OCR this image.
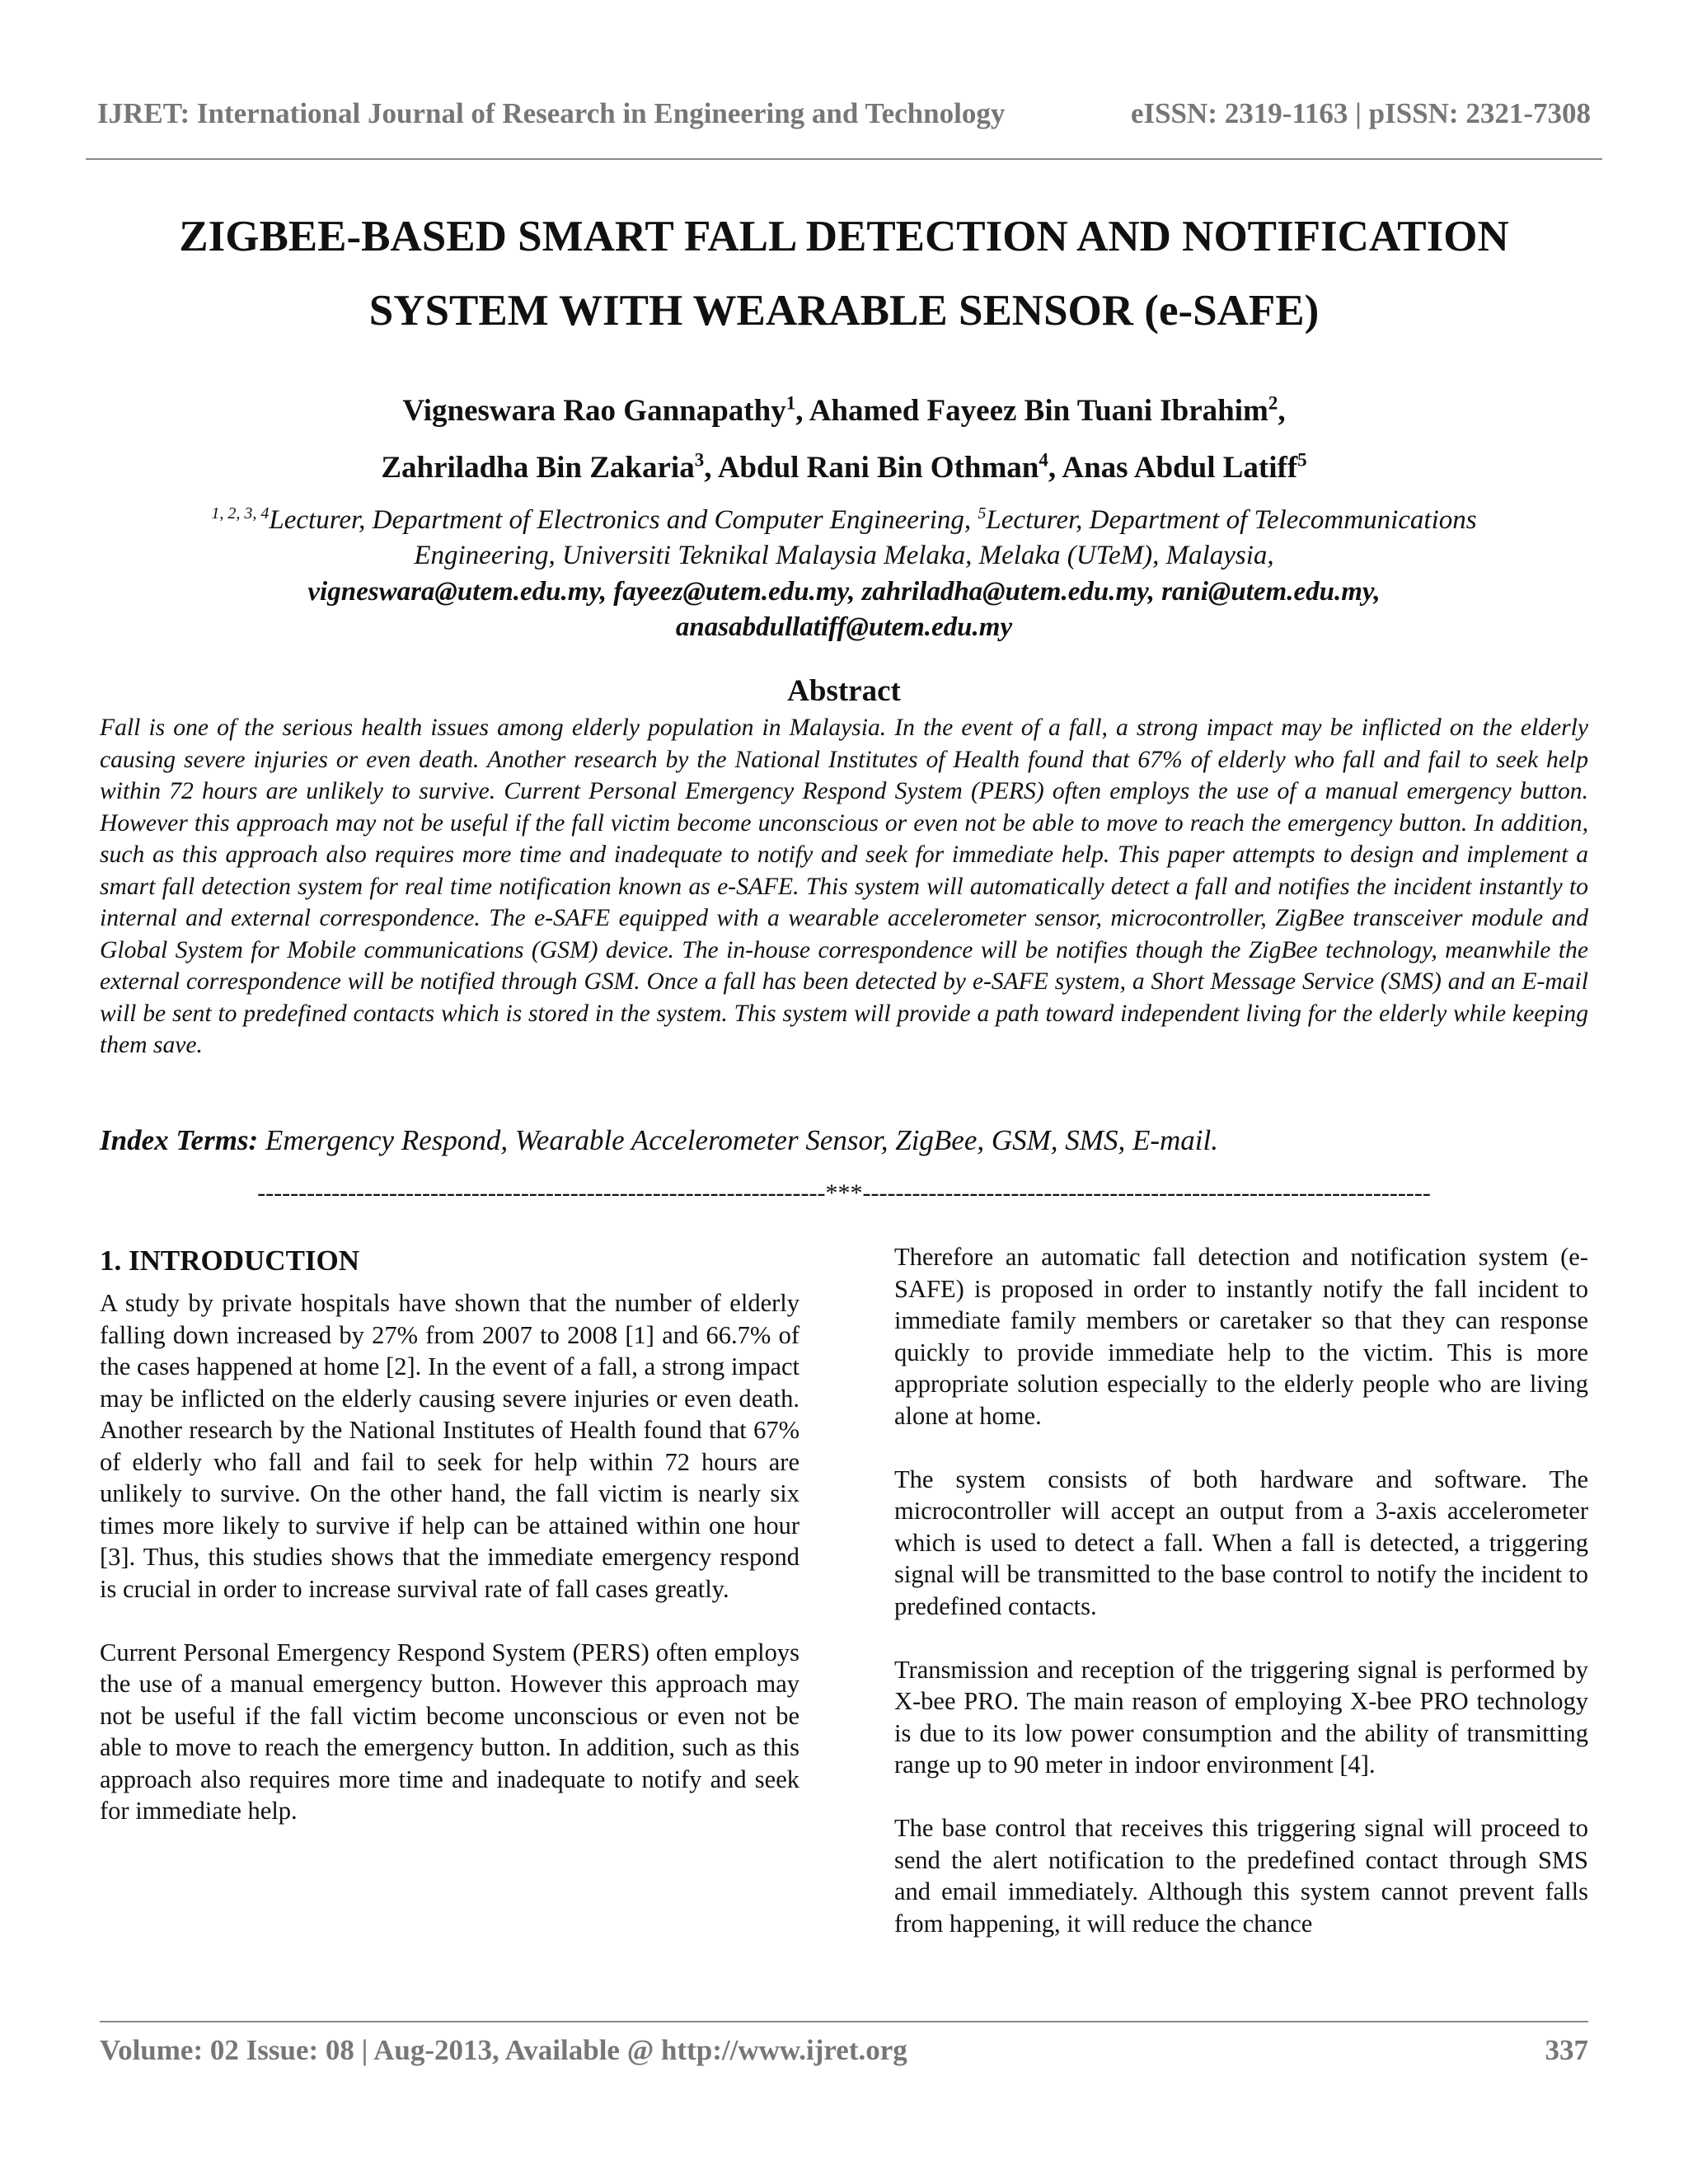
IJRET: International Journal of Research in Engineering and Technology	eISSN: 2319-1163 | pISSN: 2321-7308
ZIGBEE-BASED SMART FALL DETECTION AND NOTIFICATION
SYSTEM WITH WEARABLE SENSOR (e-SAFE)
Vigneswara Rao Gannapathy$^1$, Ahamed Fayeez Bin Tuani Ibrahim$^2$,
Zahriladha Bin Zakaria$^3$, Abdul Rani Bin Othman$^4$, Anas Abdul Latiff$^5$
$^{1, 2, 3, 4}$Lecturer, Department of Electronics and Computer Engineering, $^5$Lecturer, Department of Telecommunications
Engineering, Universiti Teknikal Malaysia Melaka, Melaka (UTeM), Malaysia,
vigneswara@utem.edu.my, fayeez@utem.edu.my, zahriladha@utem.edu.my, rani@utem.edu.my,
anasabdullatiff@utem.edu.my
Abstract

Fall is one of the serious health issues among elderly population in Malaysia. In the event of a fall, a strong impact may be inflicted on the elderly causing severe injuries or even death. Another research by the National Institutes of Health found that 67% of elderly who fall and fail to seek help within 72 hours are unlikely to survive. Current Personal Emergency Respond System (PERS) often employs the use of a manual emergency button. However this approach may not be useful if the fall victim become unconscious or even not be able to move to reach the emergency button. In addition, such as this approach also requires more time and inadequate to notify and seek for immediate help. This paper attempts to design and implement a smart fall detection system for real time notification known as e-SAFE. This system will automatically detect a fall and notifies the incident instantly to internal and external correspondence. The e-SAFE equipped with a wearable accelerometer sensor, microcontroller, ZigBee transceiver module and Global System for Mobile communications (GSM) device. The in-house correspondence will be notifies though the ZigBee technology, meanwhile the external correspondence will be notified through GSM. Once a fall has been detected by e-SAFE system, a Short Message Service (SMS) and an E-mail will be sent to predefined contacts which is stored in the system. This system will provide a path toward independent living for the elderly while keeping them save.

Index Terms: Emergency Respond, Wearable Accelerometer Sensor, ZigBee, GSM, SMS, E-mail.

---------------------------------------------------------------------***---------------------------------------------------------------------
1. INTRODUCTION

A study by private hospitals have shown that the number of elderly falling down increased by 27% from 2007 to 2008 [1] and 66.7% of the cases happened at home [2]. In the event of a fall, a strong impact may be inflicted on the elderly causing severe injuries or even death. Another research by the National Institutes of Health found that 67% of elderly who fall and fail to seek for help within 72 hours are unlikely to survive. On the other hand, the fall victim is nearly six times more likely to survive if help can be attained within one hour [3]. Thus, this studies shows that the immediate emergency respond is crucial in order to increase survival rate of fall cases greatly.

Current Personal Emergency Respond System (PERS) often employs the use of a manual emergency button. However this approach may not be useful if the fall victim become unconscious or even not be able to move to reach the emergency button. In addition, such as this approach also requires more time and inadequate to notify and seek for immediate help.

Therefore an automatic fall detection and notification system (e-SAFE) is proposed in order to instantly notify the fall incident to immediate family members or caretaker so that they can response quickly to provide immediate help to the victim. This is more appropriate solution especially to the elderly people who are living alone at home.

The system consists of both hardware and software. The microcontroller will accept an output from a 3-axis accelerometer which is used to detect a fall. When a fall is detected, a triggering signal will be transmitted to the base control to notify the incident to predefined contacts.

Transmission and reception of the triggering signal is performed by X-bee PRO. The main reason of employing X-bee PRO technology is due to its low power consumption and the ability of transmitting range up to 90 meter in indoor environment [4].

The base control that receives this triggering signal will proceed to send the alert notification to the predefined contact through SMS and email immediately. Although this system cannot prevent falls from happening, it will reduce the chance

Volume: 02 Issue: 08 | Aug-2013, Available @ http://www.ijret.org	337
